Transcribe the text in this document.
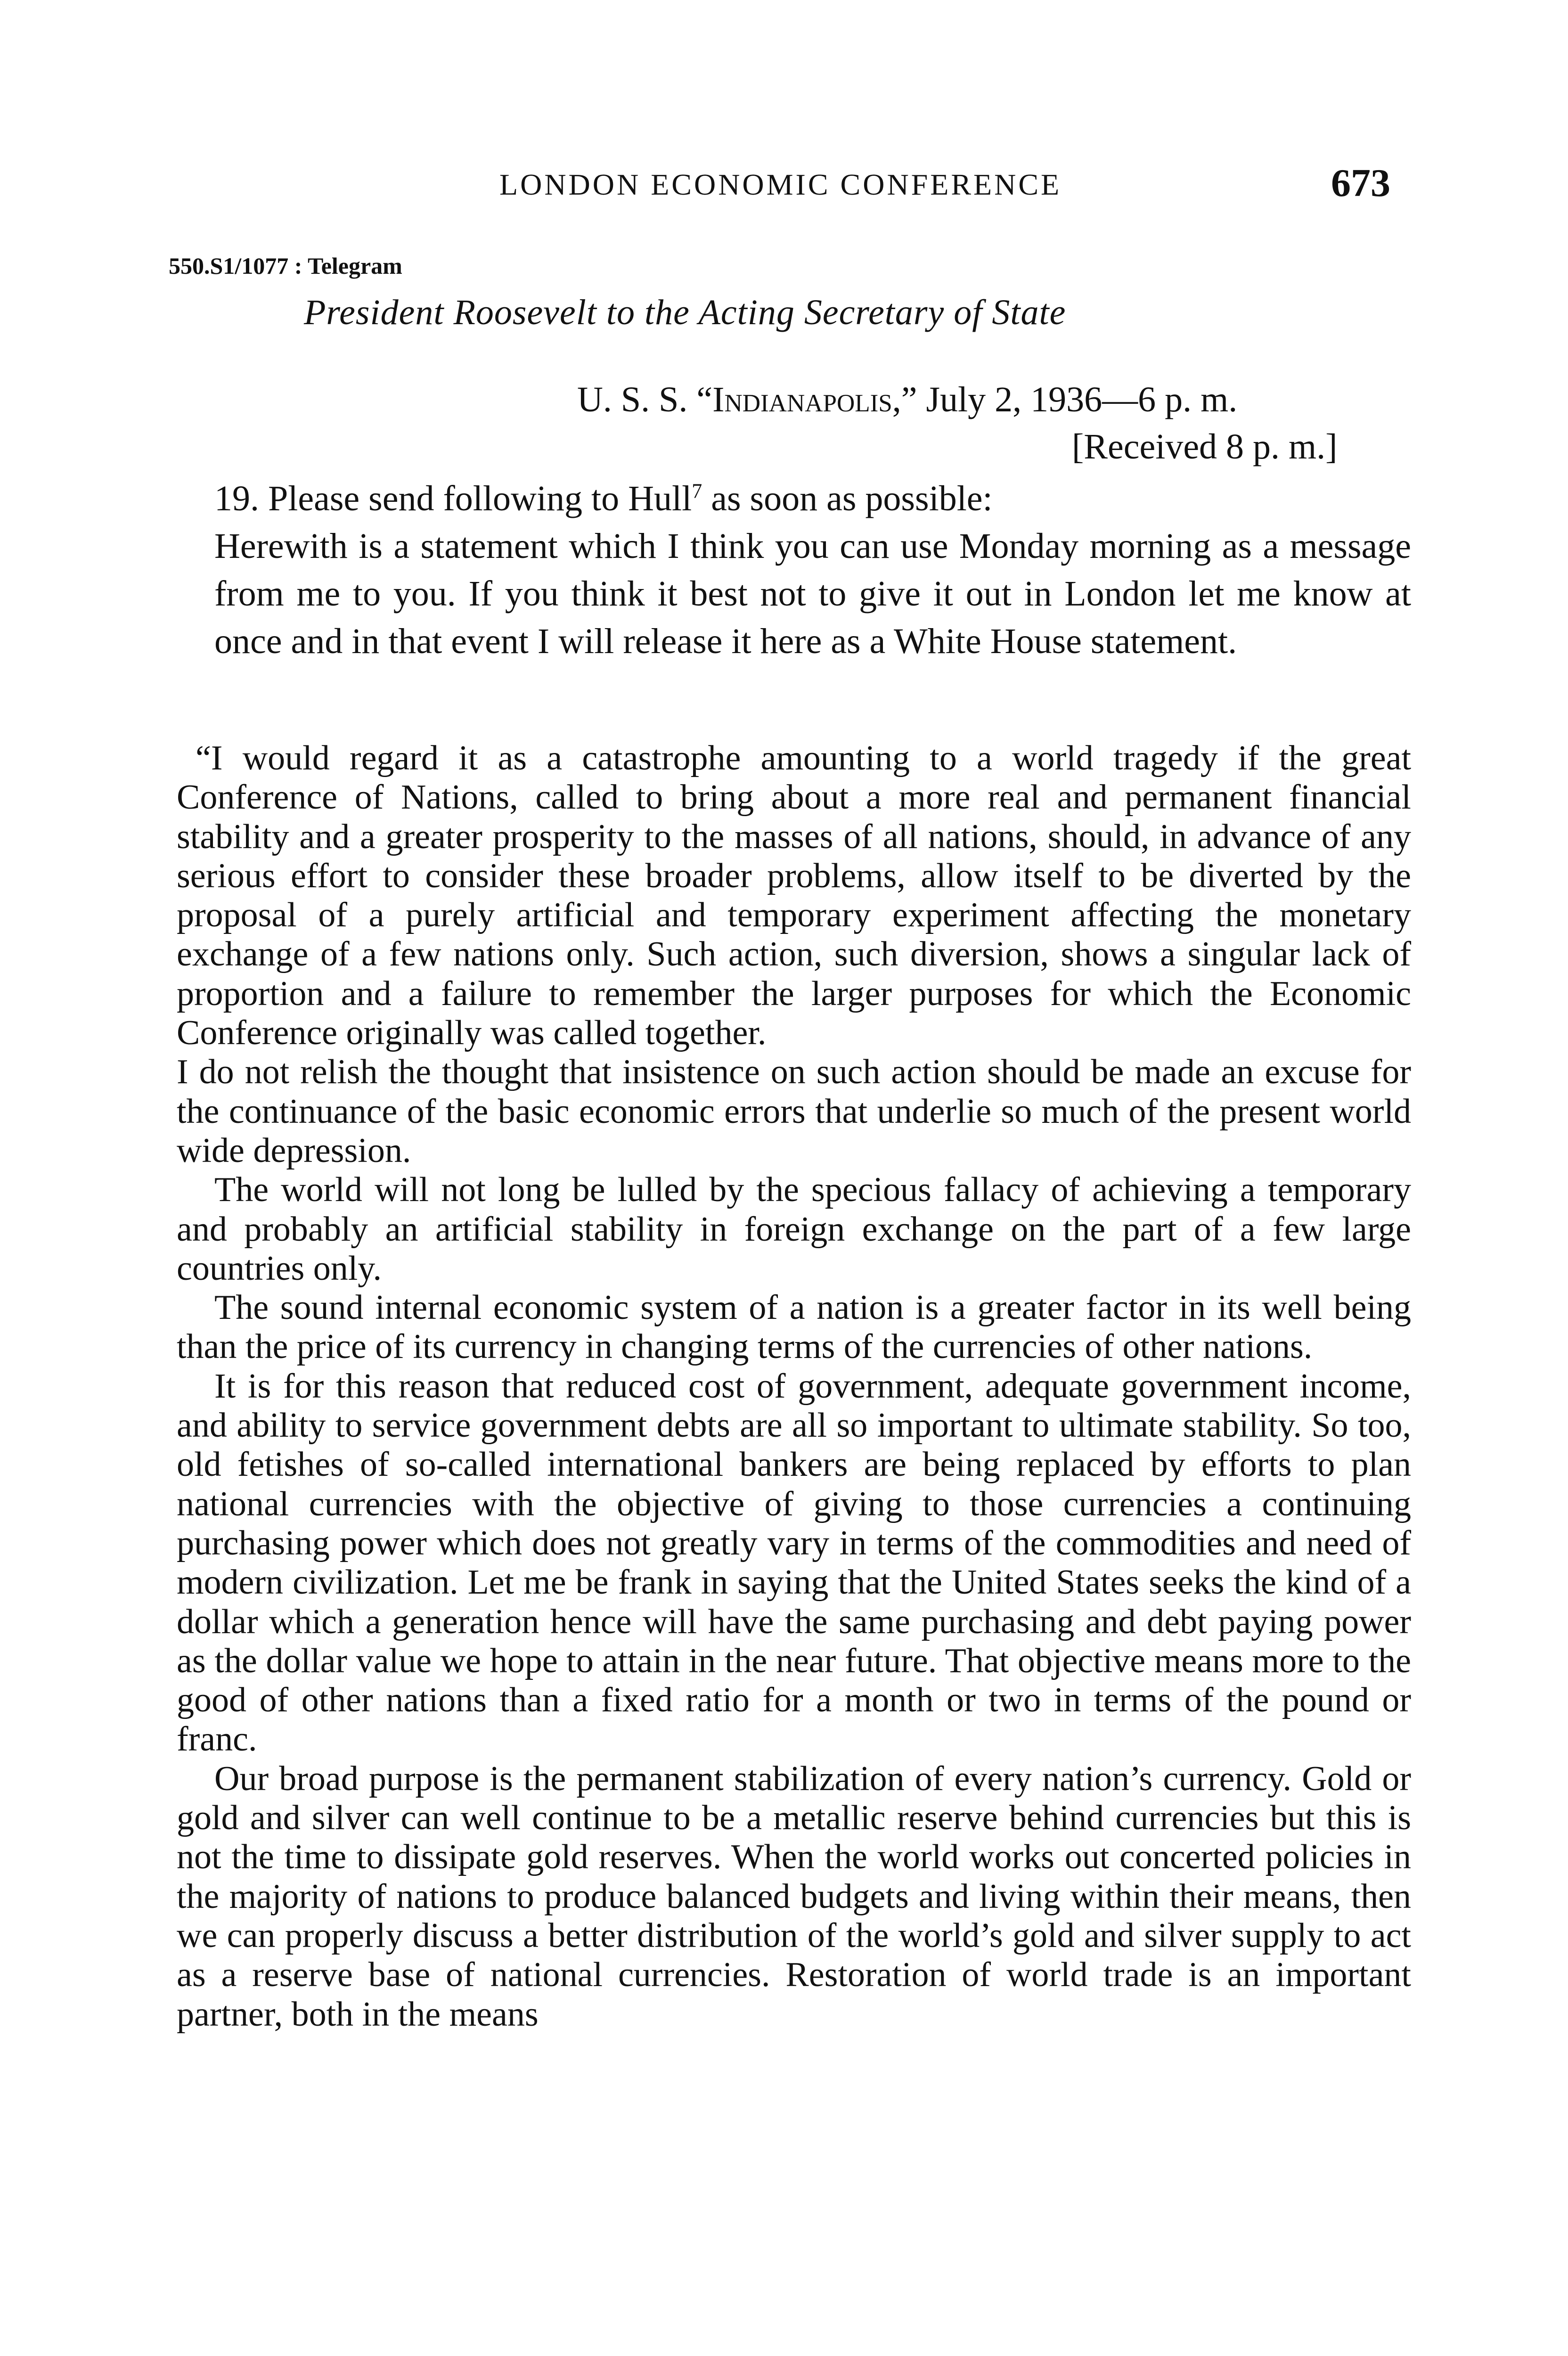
LONDON ECONOMIC CONFERENCE	673
550.S1/1077 : Telegram
President Roosevelt to the Acting Secretary of State
U. S. S. “Indianapolis,” July 2, 1936—6 p. m.
[Received 8 p. m.]

19. Please send following to Hull$^7$ as soon as possible:

Herewith is a statement which I think you can use Monday morning as a message from me to you. If you think it best not to give it out in London let me know at once and in that event I will release it here as a White House statement.

“I would regard it as a catastrophe amounting to a world tragedy if the great Conference of Nations, called to bring about a more real and permanent financial stability and a greater prosperity to the masses of all nations, should, in advance of any serious effort to consider these broader problems, allow itself to be diverted by the proposal of a purely artificial and temporary experiment affecting the monetary exchange of a few nations only. Such action, such diversion, shows a singular lack of proportion and a failure to remember the larger purposes for which the Economic Conference originally was called together.

I do not relish the thought that insistence on such action should be made an excuse for the continuance of the basic economic errors that underlie so much of the present world wide depression.

The world will not long be lulled by the specious fallacy of achieving a temporary and probably an artificial stability in foreign exchange on the part of a few large countries only.

The sound internal economic system of a nation is a greater factor in its well being than the price of its currency in changing terms of the currencies of other nations.

It is for this reason that reduced cost of government, adequate government income, and ability to service government debts are all so important to ultimate stability. So too, old fetishes of so-called international bankers are being replaced by efforts to plan national currencies with the objective of giving to those currencies a continuing purchasing power which does not greatly vary in terms of the commodities and need of modern civilization. Let me be frank in saying that the United States seeks the kind of a dollar which a generation hence will have the same purchasing and debt paying power as the dollar value we hope to attain in the near future. That objective means more to the good of other nations than a fixed ratio for a month or two in terms of the pound or franc.

Our broad purpose is the permanent stabilization of every nation’s currency. Gold or gold and silver can well continue to be a metallic reserve behind currencies but this is not the time to dissipate gold reserves. When the world works out concerted policies in the majority of nations to produce balanced budgets and living within their means, then we can properly discuss a better distribution of the world’s gold and silver supply to act as a reserve base of national currencies. Restoration of world trade is an important partner, both in the means
